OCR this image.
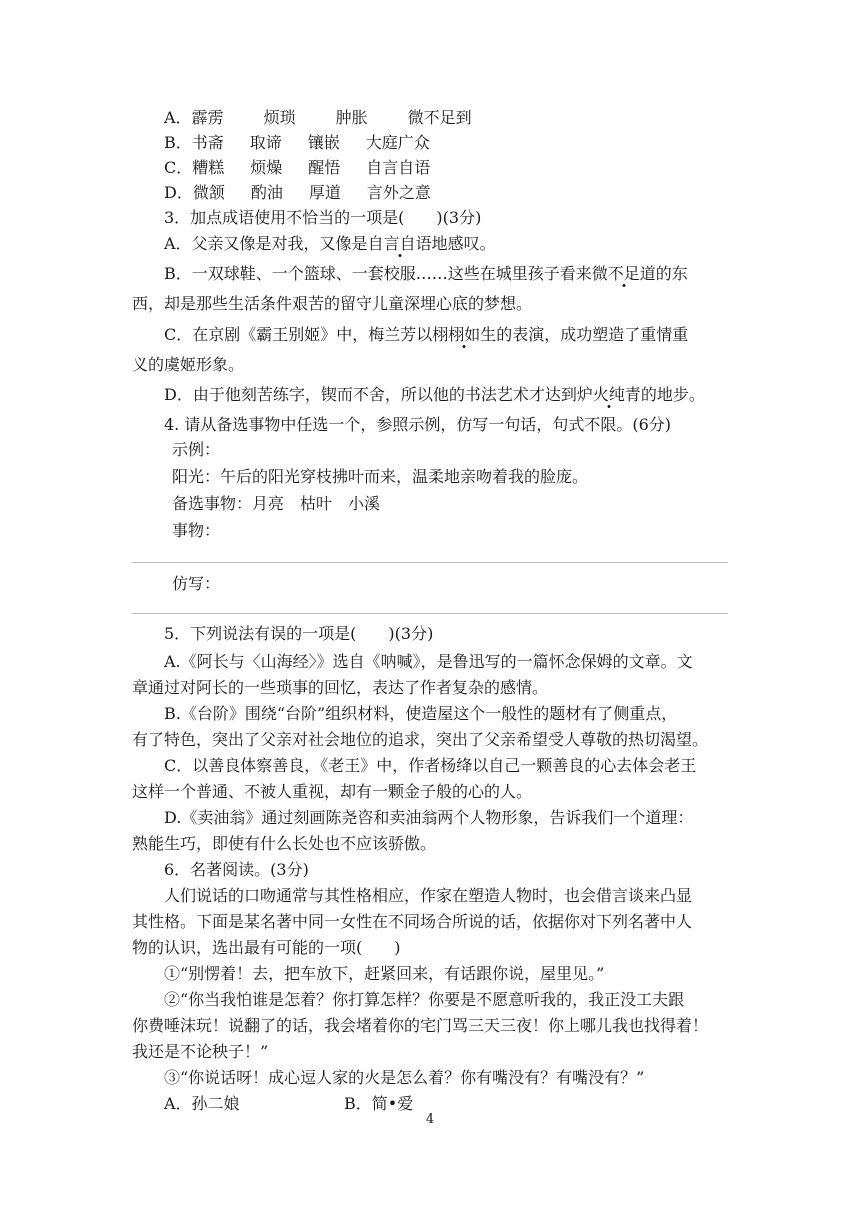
A．霹雳 烦琐 肿胀 微不足到
B．书斋 取谛 镶嵌 大庭广众
C．糟糕 烦燥 醒悟 自言自语
D．微颔 酌油 厚道 言外之意
3．加点成语使用不恰当的一项是(　　)(3分)
A．父亲又像是对我，又像是自言自语地感叹。
B．一双球鞋、一个篮球、一套校服……这些在城里孩子看来微不足道的东
西，却是那些生活条件艰苦的留守儿童深埋心底的梦想。
C．在京剧《霸王别姬》中，梅兰芳以栩栩如生的表演，成功塑造了重情重
义的虞姬形象。
D．由于他刻苦练字，锲而不舍，所以他的书法艺术才达到炉火纯青的地步。
4. 请从备选事物中任选一个，参照示例，仿写一句话，句式不限。(6分)
示例：
阳光：午后的阳光穿枝拂叶而来，温柔地亲吻着我的脸庞。
备选事物：月亮　枯叶　小溪
事物：
仿写：
5．下列说法有误的一项是(　　)(3分)
A.《阿长与〈山海经〉》选自《呐喊》，是鲁迅写的一篇怀念保姆的文章。文
章通过对阿长的一些琐事的回忆，表达了作者复杂的感情。
B.《台阶》围绕“台阶”组织材料，使造屋这个一般性的题材有了侧重点，
有了特色，突出了父亲对社会地位的追求，突出了父亲希望受人尊敬的热切渴望。
C．以善良体察善良，《老王》中，作者杨绛以自己一颗善良的心去体会老王
这样一个普通、不被人重视，却有一颗金子般的心的人。
D.《卖油翁》通过刻画陈尧咨和卖油翁两个人物形象，告诉我们一个道理：
熟能生巧，即使有什么长处也不应该骄傲。
6．名著阅读。(3分)
人们说话的口吻通常与其性格相应，作家在塑造人物时，也会借言谈来凸显
其性格。下面是某名著中同一女性在不同场合所说的话，依据你对下列名著中人
物的认识，选出最有可能的一项(　　)
①“别愣着！去，把车放下，赶紧回来，有话跟你说，屋里见。”
②“你当我怕谁是怎着？你打算怎样？你要是不愿意听我的，我正没工夫跟
你费唾沫玩！说翻了的话，我会堵着你的宅门骂三天三夜！你上哪儿我也找得着！
我还是不论秧子！”
③“你说话呀！成心逗人家的火是怎么着？你有嘴没有？有嘴没有？”
A．孙二娘	B．简•爱
4
